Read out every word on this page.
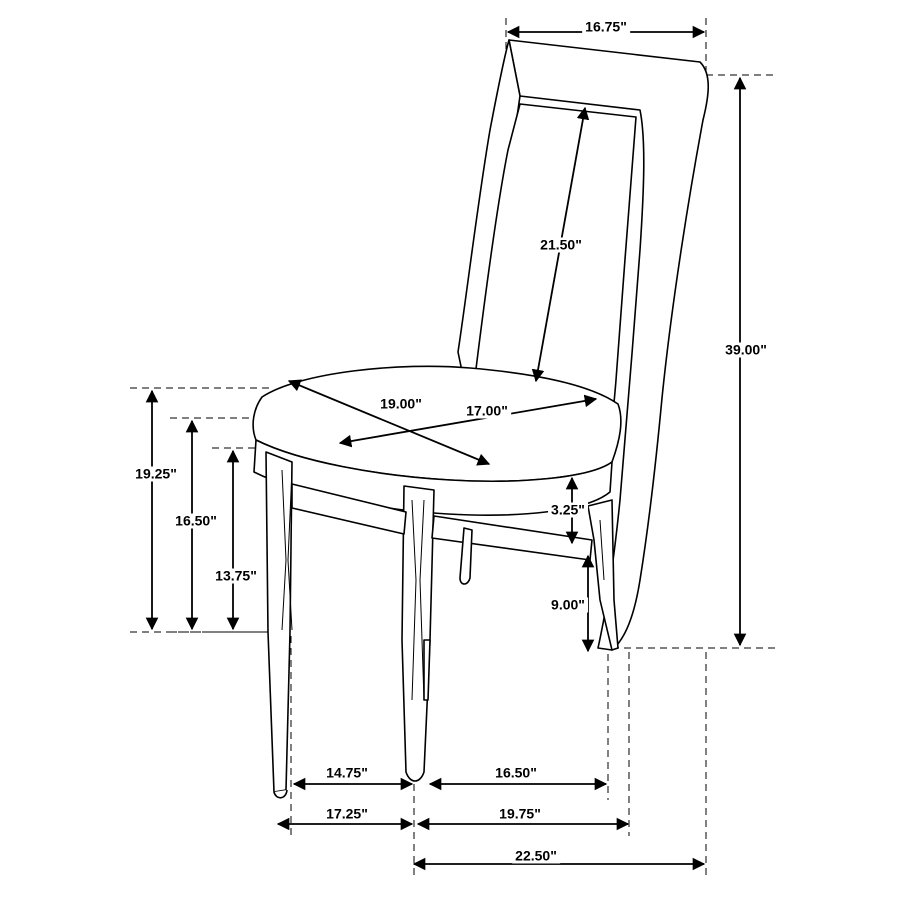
16.75"
21.50"
39.00"
19.00"	17.00"
19.25"
16.50"
13.75"
3.25"
9.00"
14.75"	16.50"
17.25"	19.75"
22.50"
